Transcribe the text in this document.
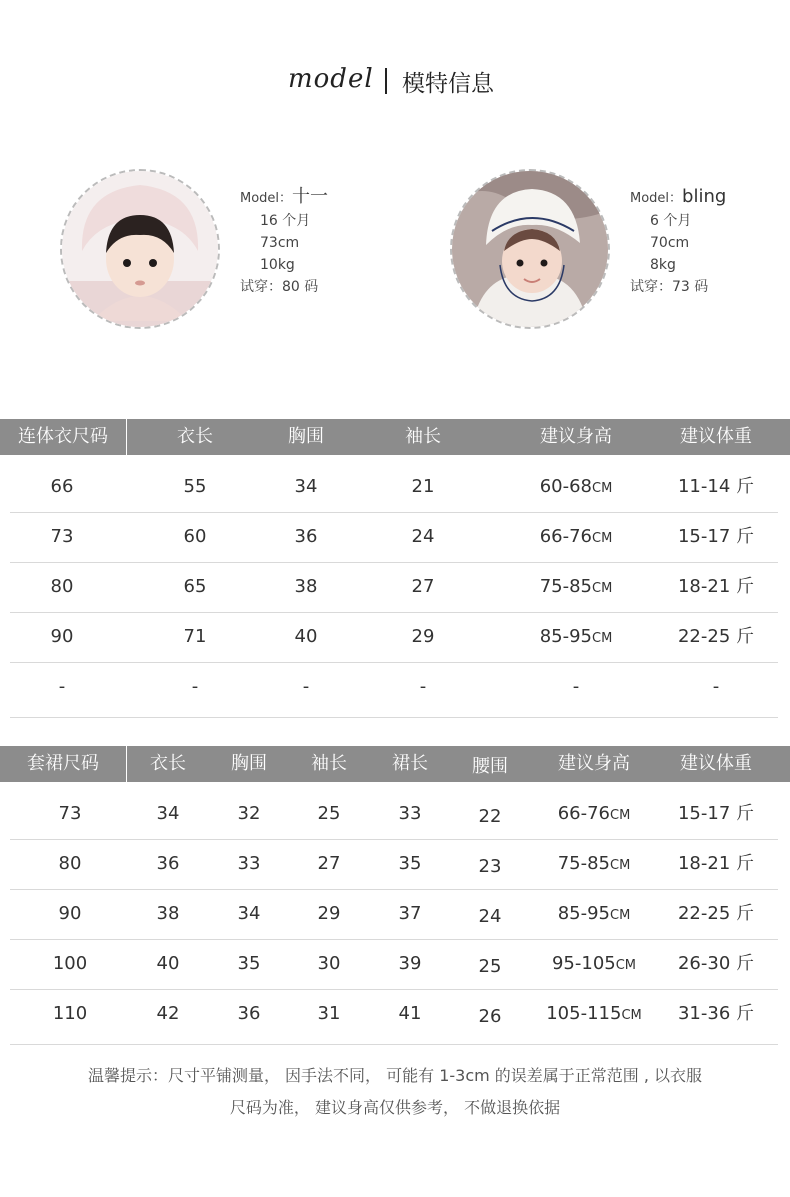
model 模特信息
Model：十一
16 个月
73cm
10kg
试穿：80 码
Model：bling
6 个月
70cm
8kg
试穿：73 码
连体衣尺码	衣长	胸围	袖长	建议身高	建议体重
66	55	34	21	60-68CM	11-14 斤
73	60	36	24	66-76CM	15-17 斤
80	65	38	27	75-85CM	18-21 斤
90	71	40	29	85-95CM	22-25 斤
-	-	-	-	-	-
套裙尺码	衣长	胸围	袖长	裙长	腰围	建议身高	建议体重
73	34	32	25	33	22	66-76CM	15-17 斤
80	36	33	27	35	23	75-85CM	18-21 斤
90	38	34	29	37	24	85-95CM	22-25 斤
100	40	35	30	39	25	95-105CM	26-30 斤
110	42	36	31	41	26	105-115CM	31-36 斤
温馨提示：尺寸平铺测量， 因手法不同， 可能有 1-3cm 的误差属于正常范围 , 以衣服
尺码为准， 建议身高仅供参考， 不做退换依据
